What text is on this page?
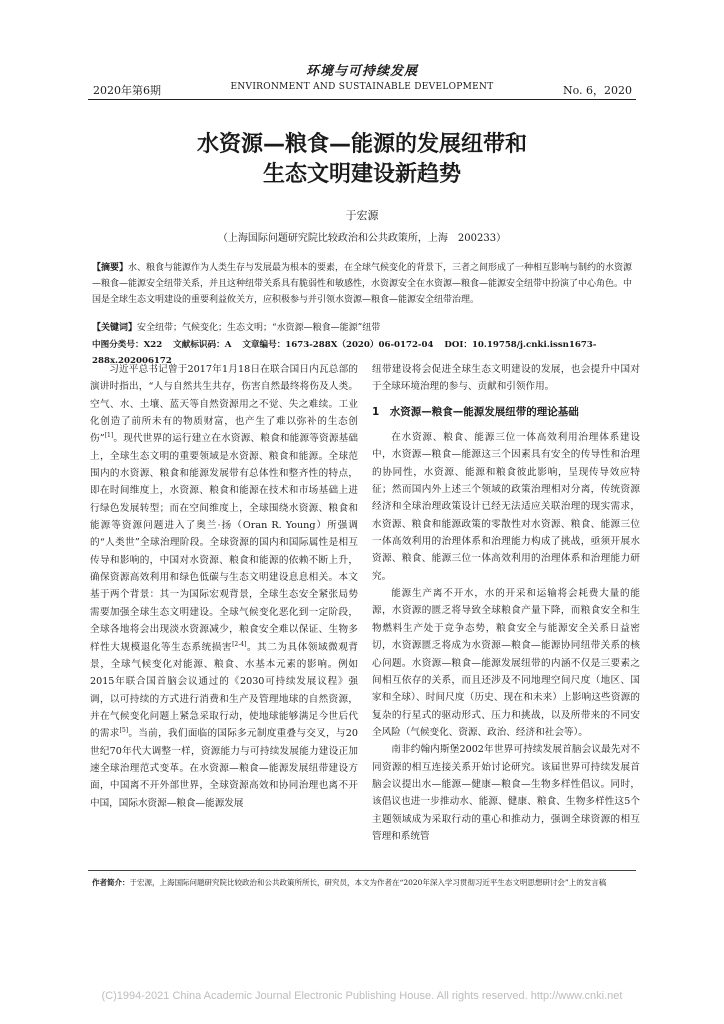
环境与可持续发展
2020年第6期	ENVIRONMENT AND SUSTAINABLE DEVELOPMENT	No. 6，2020
水资源—粮食—能源的发展纽带和
生态文明建设新趋势
于宏源
（上海国际问题研究院比较政治和公共政策所，上海　200233）
【摘要】水、粮食与能源作为人类生存与发展最为根本的要素，在全球气候变化的背景下，三者之间形成了一种相互影响与制约的水资源—粮食—能源安全纽带关系，并且这种纽带关系具有脆弱性和敏感性，水资源安全在水资源—粮食—能源安全纽带中扮演了中心角色。中国是全球生态文明建设的重要利益攸关方，应积极参与并引领水资源—粮食—能源安全纽带治理。
【关键词】安全纽带；气候变化；生态文明；“水资源—粮食—能源”纽带
中图分类号：X22 文献标识码：A 文章编号：1673-288X（2020）06-0172-04 DOI：10.19758/j.cnki.issn1673-288x.202006172

习近平总书记曾于2017年1月18日在联合国日内瓦总部的演讲时指出，“人与自然共生共存，伤害自然最终将伤及人类。空气、水、土壤、蓝天等自然资源用之不觉、失之难续。工业化创造了前所未有的物质财富，也产生了难以弥补的生态创伤”[1]。现代世界的运行建立在水资源、粮食和能源等资源基础上，全球生态文明的重要领域是水资源、粮食和能源。全球范围内的水资源、粮食和能源发展带有总体性和整齐性的特点，即在时间维度上，水资源、粮食和能源在技术和市场基础上进行绿色发展转型；而在空间维度上，全球围绕水资源、粮食和能源等资源问题进入了奥兰·扬（Oran R. Young）所强调的“人类世”全球治理阶段。全球资源的国内和国际属性是相互传导和影响的，中国对水资源、粮食和能源的依赖不断上升，确保资源高效利用和绿色低碳与生态文明建设息息相关。本文基于两个背景：其一为国际宏观背景，全球生态安全紧张局势需要加强全球生态文明建设。全球气候变化恶化到一定阶段，全球各地将会出现淡水资源减少，粮食安全难以保证、生物多样性大规模退化等生态系统损害[2-4]。其二为具体领域微观背景，全球气候变化对能源、粮食、水基本元素的影响。例如2015年联合国首脑会议通过的《2030可持续发展议程》强调，以可持续的方式进行消费和生产及管理地球的自然资源，并在气候变化问题上紧急采取行动，使地球能够满足今世后代的需求[5]。当前，我们面临的国际多元制度重叠与交叉，与20世纪70年代大调整一样，资源能力与可持续发展能力建设正加速全球治理范式变革。在水资源—粮食—能源发展纽带建设方面，中国离不开外部世界，全球资源高效和协同治理也离不开中国，国际水资源—粮食—能源发展

纽带建设将会促进全球生态文明建设的发展，也会提升中国对于全球环境治理的参与、贡献和引领作用。

1　水资源—粮食—能源发展纽带的理论基础

在水资源、粮食、能源三位一体高效利用治理体系建设中，水资源—粮食—能源这三个因素具有安全的传导性和治理的协同性，水资源、能源和粮食彼此影响，呈现传导效应特征；然而国内外上述三个领域的政策治理相对分离，传统资源经济和全球治理政策设计已经无法适应关联治理的现实需求，水资源、粮食和能源政策的零散性对水资源、粮食、能源三位一体高效利用的治理体系和治理能力构成了挑战，亟须开展水资源、粮食、能源三位一体高效利用的治理体系和治理能力研究。

能源生产离不开水，水的开采和运输将会耗费大量的能源，水资源的匮乏将导致全球粮食产量下降，而粮食安全和生物燃料生产处于竞争态势，粮食安全与能源安全关系日益密切，水资源匮乏将成为水资源—粮食—能源协同纽带关系的核心问题。水资源—粮食—能源发展纽带的内涵不仅是三要素之间相互依存的关系，而且还涉及不同地理空间尺度（地区、国家和全球）、时间尺度（历史、现在和未来）上影响这些资源的复杂的行星式的驱动形式、压力和挑战，以及所带来的不同安全风险（气候变化、资源、政治、经济和社会等）。

南非约翰内斯堡2002年世界可持续发展首脑会议最先对不同资源的相互连接关系开始讨论研究。该届世界可持续发展首脑会议提出水—能源—健康—粮食—生物多样性倡议。同时，该倡议也进一步推动水、能源、健康、粮食、生物多样性这5个主题领域成为采取行动的重心和推动力，强调全球资源的相互管理和系统管

作者简介：于宏源，上海国际问题研究院比较政治和公共政策所所长，研究员，本文为作者在“2020年深入学习贯彻习近平生态文明思想研讨会”上的发言稿
(C)1994-2021 China Academic Journal Electronic Publishing House. All rights reserved. http://www.cnki.net
